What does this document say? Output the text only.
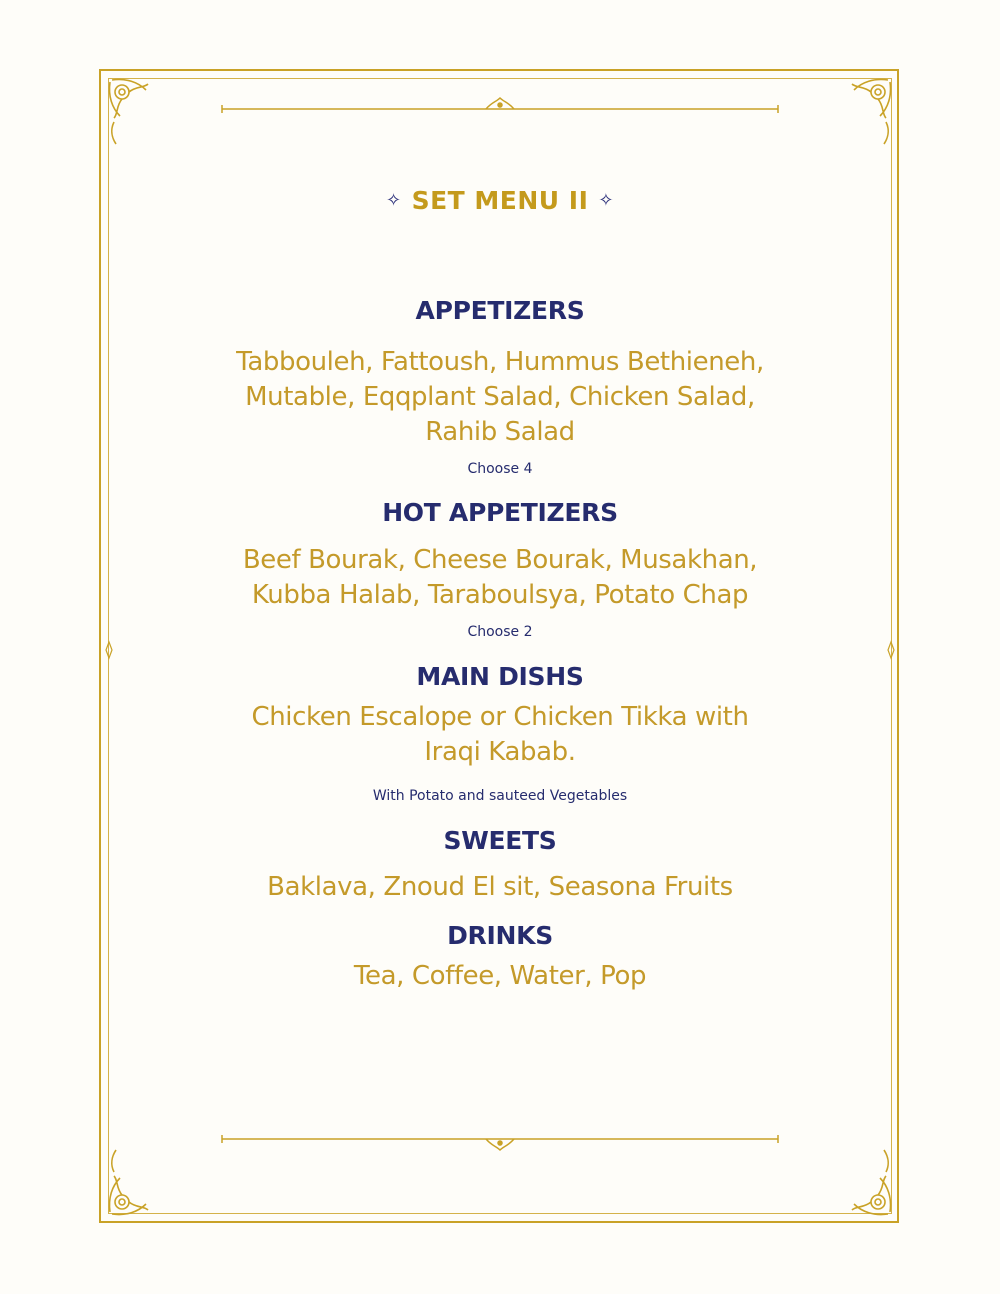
✧ SET MENU II ✧
APPETIZERS
Tabbouleh, Fattoush, Hummus Bethieneh,
Mutable, Eqqplant Salad, Chicken Salad,
Rahib Salad
Choose 4
HOT APPETIZERS
Beef Bourak, Cheese Bourak, Musakhan,
Kubba Halab, Taraboulsya, Potato Chap
Choose 2
MAIN DISHS
Chicken Escalope or Chicken Tikka with
Iraqi Kabab.
With Potato and sauteed Vegetables
SWEETS
Baklava, Znoud El sit, Seasona Fruits
DRINKS
Tea, Coffee, Water, Pop
